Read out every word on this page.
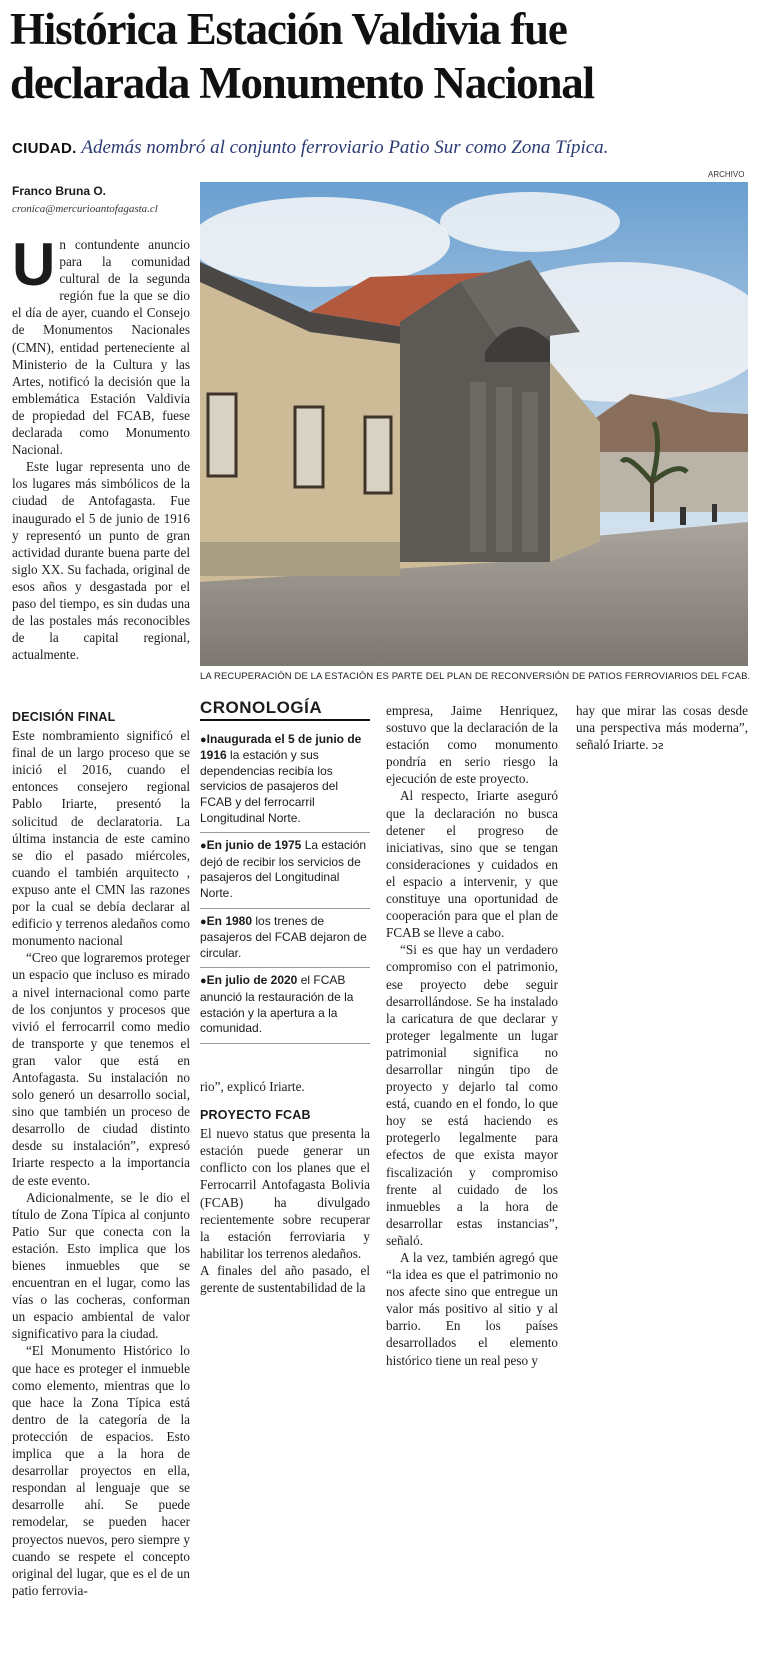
Histórica Estación Valdivia fue declarada Monumento Nacional
CIUDAD. Además nombró al conjunto ferroviario Patio Sur como Zona Típica.
ARCHIVO
Franco Bruna O.
cronica@mercurioantofagasta.cl
LA RECUPERACIÓN DE LA ESTACIÓN ES PARTE DEL PLAN DE RECONVERSIÓN DE PATIOS FERROVIARIOS DEL FCAB.
U n contundente anuncio para la comunidad cultural de la segunda región fue la que se dio el día de ayer, cuando el Consejo de Monumentos Nacionales (CMN), entidad perteneciente al Ministerio de la Cultura y las Artes, notificó la decisión que la emblemática Estación Valdivia de propiedad del FCAB, fuese declarada como Monumento Nacional.

Este lugar representa uno de los lugares más simbólicos de la ciudad de Antofagasta. Fue inaugurado el 5 de junio de 1916 y representó un punto de gran actividad durante buena parte del siglo XX. Su fachada, original de esos años y desgastada por el paso del tiempo, es sin dudas una de las postales más reconocibles de la capital regional, actualmente.

DECISIÓN FINAL

Este nombramiento significó el final de un largo proceso que se inició el 2016, cuando el entonces consejero regional Pablo Iriarte, presentó la solicitud de declaratoria. La última instancia de este camino se dio el pasado miércoles, cuando el también arquitecto , expuso ante el CMN las razones por la cual se debía declarar al edificio y terrenos aledaños como monumento nacional

“Creo que lograremos proteger un espacio que incluso es mirado a nivel internacional como parte de los conjuntos y procesos que vivió el ferrocarril como medio de transporte y que tenemos el gran valor que está en Antofagasta. Su instalación no solo generó un desarrollo social, sino que también un proceso de desarrollo de ciudad distinto desde su instalación”, expresó Iriarte respecto a la importancia de este evento.

Adicionalmente, se le dio el título de Zona Típica al conjunto Patio Sur que conecta con la estación. Esto implica que los bienes inmuebles que se encuentran en el lugar, como las vías o las cocheras, conforman un espacio ambiental de valor significativo para la ciudad.

“El Monumento Histórico lo que hace es proteger el inmueble como elemento, mientras que lo que hace la Zona Típica está dentro de la categoría de la protección de espacios. Esto implica que a la hora de desarrollar proyectos en ella, respondan al lenguaje que se desarrolle ahí. Se puede remodelar, se pueden hacer proyectos nuevos, pero siempre y cuando se respete el concepto original del lugar, que es el de un patio ferrovia-

CRONOLOGÍA
●Inaugurada el 5 de junio de 1916 la estación y sus dependencias recibía los servicios de pasajeros del FCAB y del ferrocarril Longitudinal Norte.
●En junio de 1975 La estación dejó de recibir los servicios de pasajeros del Longitudinal Norte.
●En 1980 los trenes de pasajeros del FCAB dejaron de circular.
●En julio de 2020 el FCAB anunció la restauración de la estación y la apertura a la comunidad.

rio”, explicó Iriarte.

PROYECTO FCAB

El nuevo status que presenta la estación puede generar un conflicto con los planes que el Ferrocarril Antofagasta Bolivia (FCAB) ha divulgado recientemente sobre recuperar la estación ferroviaria y habilitar los terrenos aledaños.

A finales del año pasado, el gerente de sustentabilidad de la

empresa, Jaime Henriquez, sostuvo que la declaración de la estación como monumento pondría en serio riesgo la ejecución de este proyecto.

Al respecto, Iriarte aseguró que la declaración no busca detener el progreso de iniciativas, sino que se tengan consideraciones y cuidados en el espacio a intervenir, y que constituye una oportunidad de cooperación para que el plan de FCAB se lleve a cabo.

“Si es que hay un verdadero compromiso con el patrimonio, ese proyecto debe seguir desarrollándose. Se ha instalado la caricatura de que declarar y proteger legalmente un lugar patrimonial significa no desarrollar ningún tipo de proyecto y dejarlo tal como está, cuando en el fondo, lo que hoy se está haciendo es protegerlo legalmente para efectos de que exista mayor fiscalización y compromiso frente al cuidado de los inmuebles a la hora de desarrollar estas instancias”, señaló.

A la vez, también agregó que “la idea es que el patrimonio no nos afecte sino que entregue un valor más positivo al sitio y al barrio. En los países desarrollados el elemento histórico tiene un real peso y

hay que mirar las cosas desde una perspectiva más moderna”, señaló Iriarte. ↄƨ
